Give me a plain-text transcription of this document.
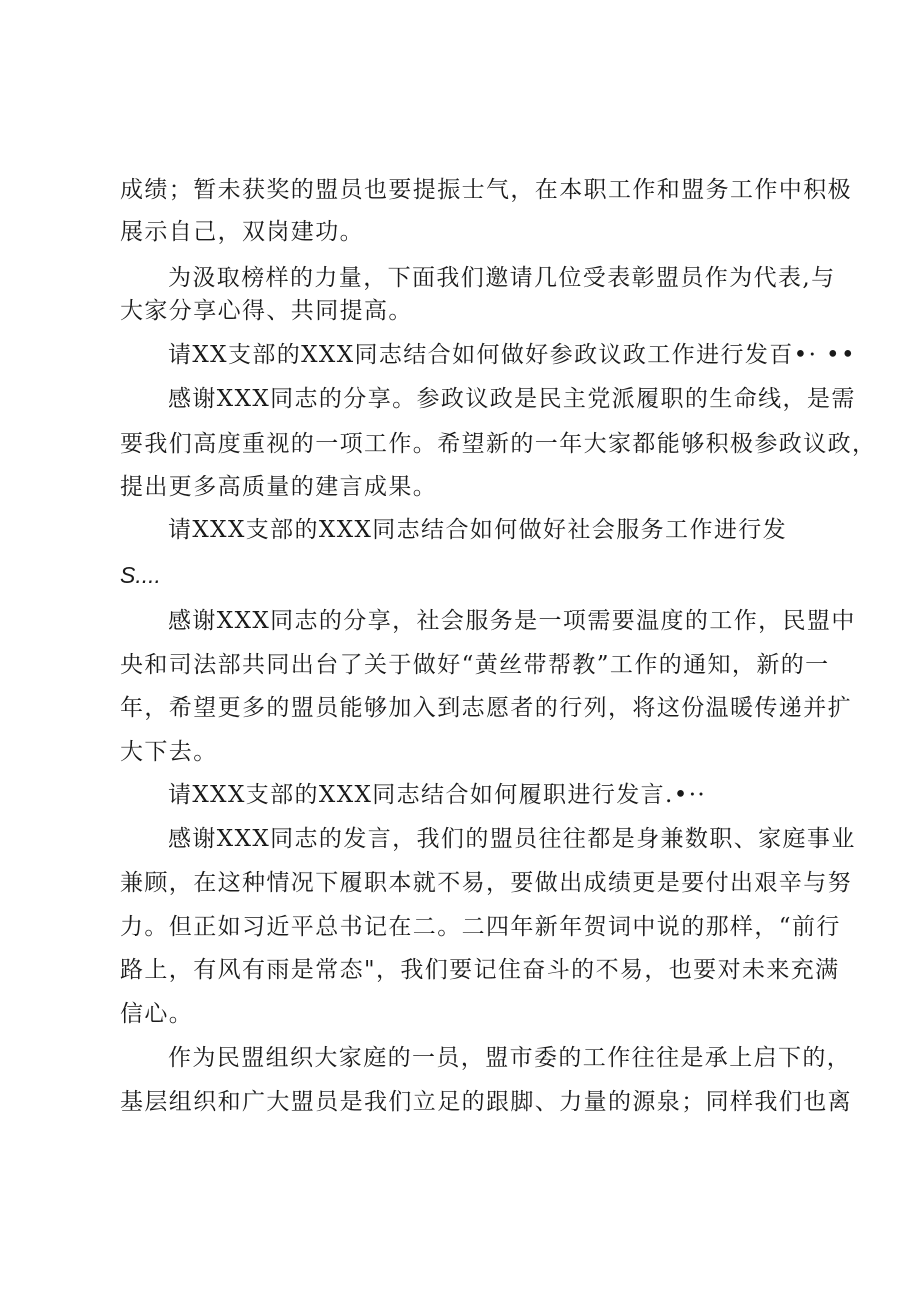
成绩；暂未获奖的盟员也要提振士气，在本职工作和盟务工作中积极

展示自己，双岗建功。

为汲取榜样的力量，下面我们邀请几位受表彰盟员作为代表,与

大家分享心得、共同提高。

请XX支部的XXX同志结合如何做好参政议政工作进行发百•· ••

感谢XXX同志的分享。参政议政是民主党派履职的生命线，是需

要我们高度重视的一项工作。希望新的一年大家都能够积极参政议政，

提出更多高质量的建言成果。

请XXX支部的XXX同志结合如何做好社会服务工作进行发

S....

感谢XXX同志的分享，社会服务是一项需要温度的工作，民盟中

央和司法部共同出台了关于做好“黄丝带帮教”工作的通知，新的一

年，希望更多的盟员能够加入到志愿者的行列，将这份温暖传递并扩

大下去。

请XXX支部的XXX同志结合如何履职进行发言.•··

感谢XXX同志的发言，我们的盟员往往都是身兼数职、家庭事业

兼顾，在这种情况下履职本就不易，要做出成绩更是要付出艰辛与努

力。但正如习近平总书记在二。二四年新年贺词中说的那样，“前行

路上，有风有雨是常态"，我们要记住奋斗的不易，也要对未来充满

信心。

作为民盟组织大家庭的一员，盟市委的工作往往是承上启下的，

基层组织和广大盟员是我们立足的跟脚、力量的源泉；同样我们也离
